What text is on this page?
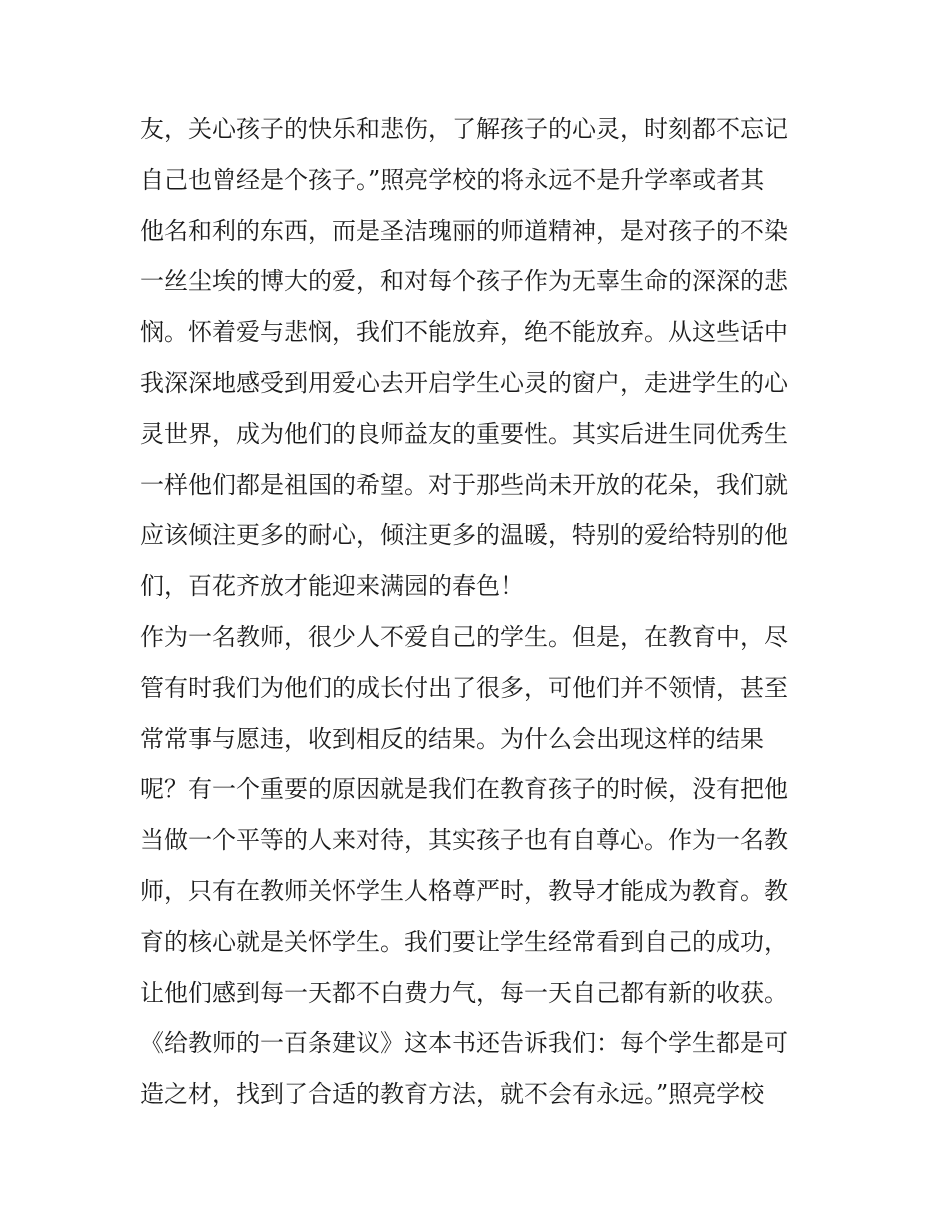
友，关心孩子的快乐和悲伤，了解孩子的心灵，时刻都不忘记
自己也曾经是个孩子。”照亮学校的将永远不是升学率或者其
他名和利的东西，而是圣洁瑰丽的师道精神，是对孩子的不染
一丝尘埃的博大的爱，和对每个孩子作为无辜生命的深深的悲
悯。怀着爱与悲悯，我们不能放弃，绝不能放弃。从这些话中
我深深地感受到用爱心去开启学生心灵的窗户，走进学生的心
灵世界，成为他们的良师益友的重要性。其实后进生同优秀生
一样他们都是祖国的希望。对于那些尚未开放的花朵，我们就
应该倾注更多的耐心，倾注更多的温暖，特别的爱给特别的他
们，百花齐放才能迎来满园的春色！
作为一名教师，很少人不爱自己的学生。但是，在教育中，尽
管有时我们为他们的成长付出了很多，可他们并不领情，甚至
常常事与愿违，收到相反的结果。为什么会出现这样的结果
呢？有一个重要的原因就是我们在教育孩子的时候，没有把他
当做一个平等的人来对待，其实孩子也有自尊心。作为一名教
师，只有在教师关怀学生人格尊严时，教导才能成为教育。教
育的核心就是关怀学生。我们要让学生经常看到自己的成功，
让他们感到每一天都不白费力气，每一天自己都有新的收获。
《给教师的一百条建议》这本书还告诉我们：每个学生都是可
造之材，找到了合适的教育方法，就不会有永远。”照亮学校
